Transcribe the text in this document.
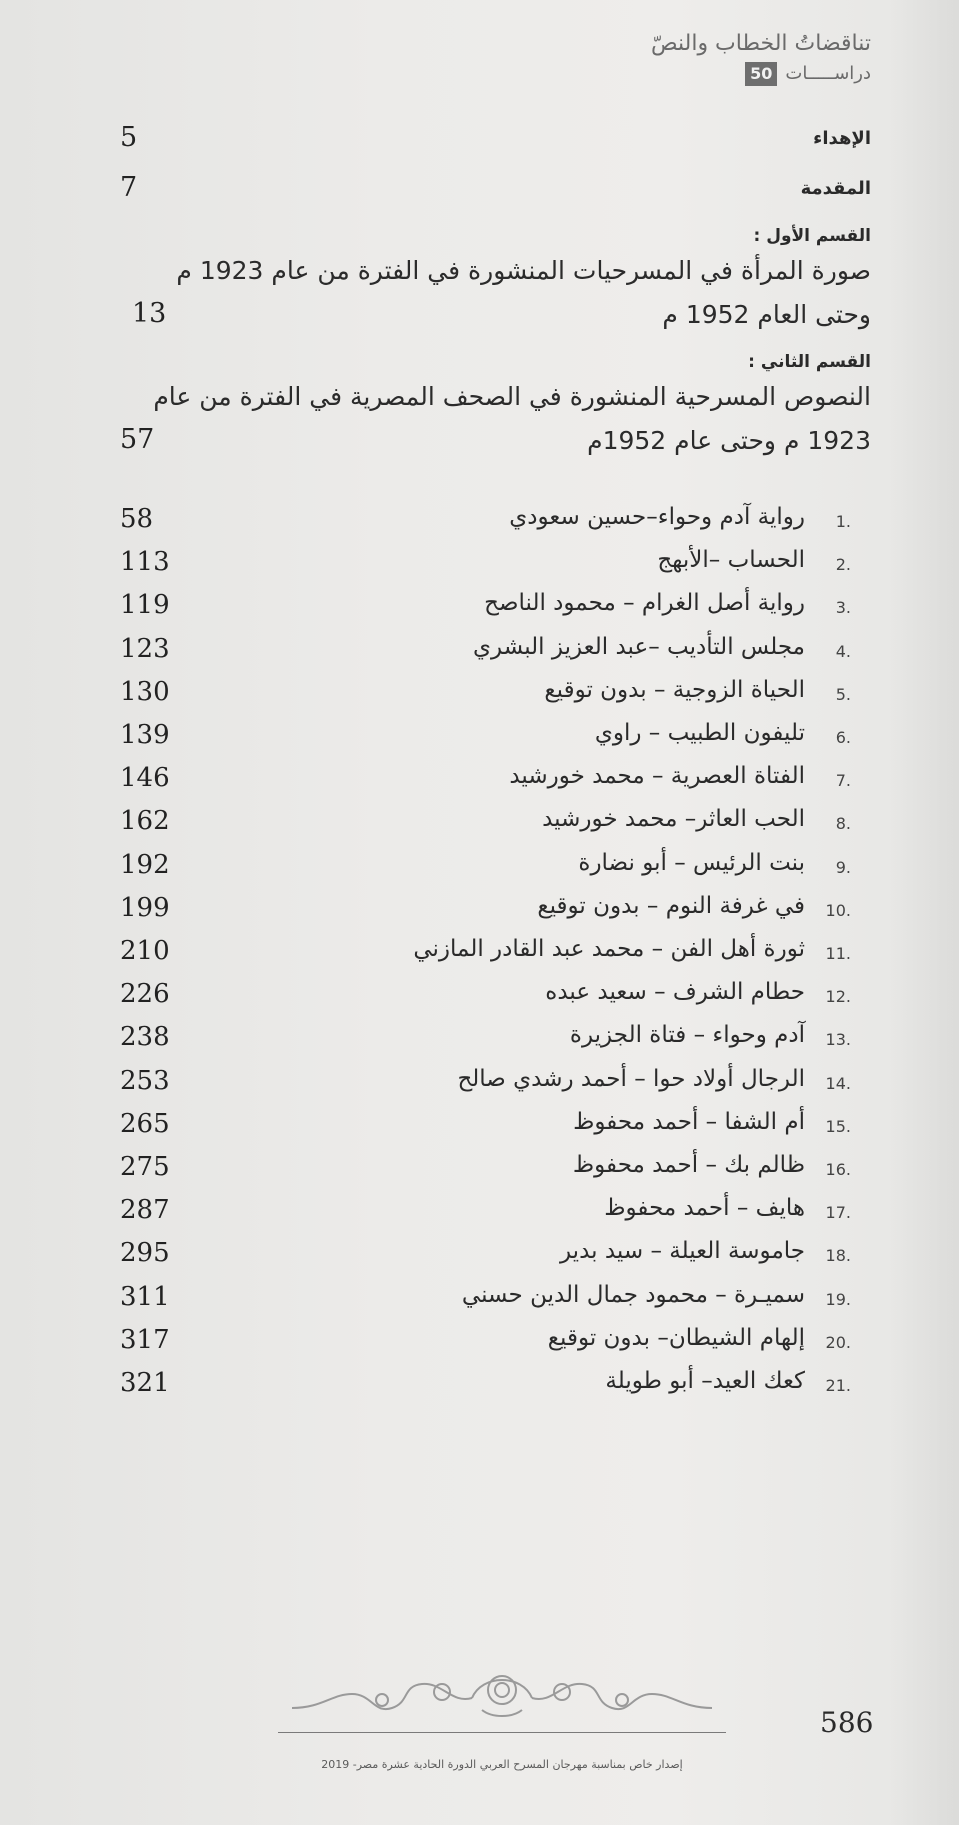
تناقضاتُ الخطاب والنصّ
دراســـــات
50
الإهداء
5
المقدمة
7
القسم الأول :
صورة المرأة في المسرحيات المنشورة في الفترة من عام 1923 م
وحتى العام 1952 م
13
القسم الثاني :
النصوص المسرحية المنشورة في الصحف المصرية في الفترة من عام
1923 م وحتى عام 1952م
57
1.
رواية آدم وحواء–حسين سعودي
58
2.
الحساب –الأبهج
113
3.
رواية أصل الغرام – محمود الناصح
119
4.
مجلس التأديب –عبد العزيز البشري
123
5.
الحياة الزوجية – بدون توقيع
130
6.
تليفون الطبيب – راوي
139
7.
الفتاة العصرية – محمد خورشيد
146
8.
الحب العاثر– محمد خورشيد
162
9.
بنت الرئيس – أبو نضارة
192
10.
في غرفة النوم – بدون توقيع
199
11.
ثورة أهل الفن – محمد عبد القادر المازني
210
12.
حطام الشرف – سعيد عبده
226
13.
آدم وحواء – فتاة الجزيرة
238
14.
الرجال أولاد حوا – أحمد رشدي صالح
253
15.
أم الشفا – أحمد محفوظ
265
16.
ظالم بك – أحمد محفوظ
275
17.
هايف – أحمد محفوظ
287
18.
جاموسة العيلة – سيد بدير
295
19.
سميـرة – محمود جمال الدين حسني
311
20.
إلهام الشيطان– بدون توقيع
317
21.
كعك العيد– أبو طويلة
321
إصدار خاص بمناسبة مهرجان المسرح العربي الدورة الحادية عشرة مصر- 2019
586
